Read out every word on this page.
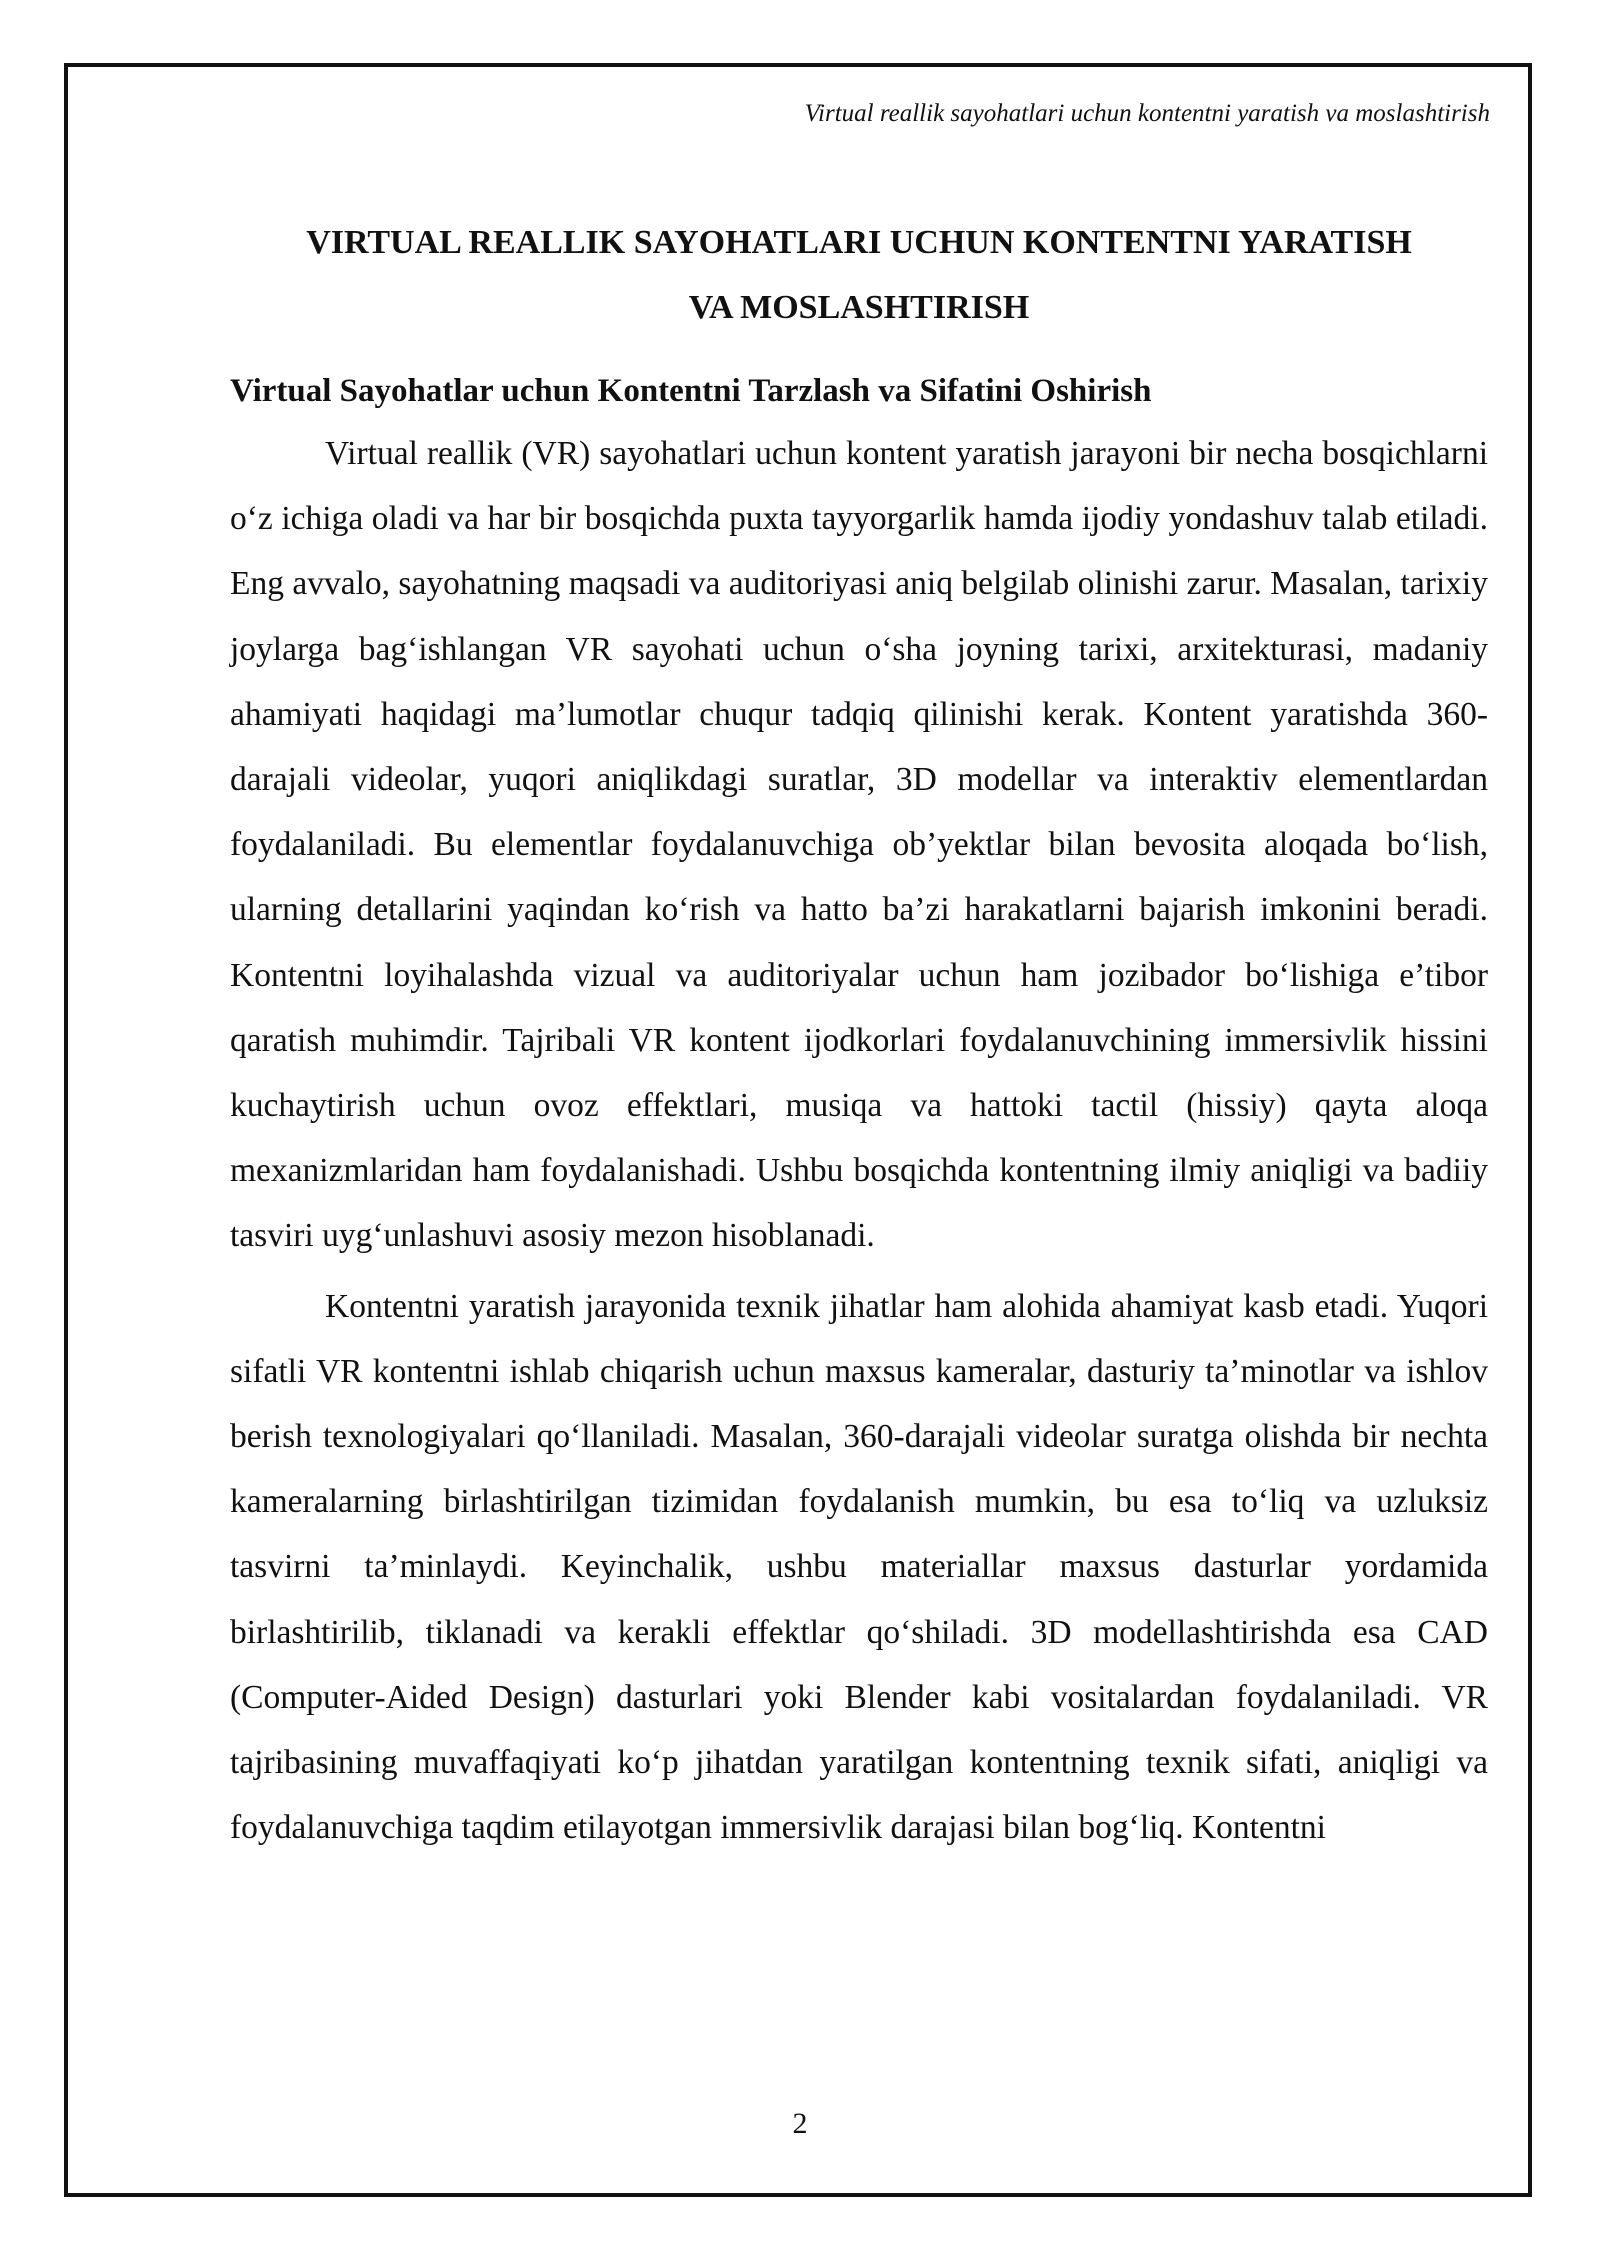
Virtual reallik sayohatlari uchun kontentni yaratish va moslashtirish
VIRTUAL REALLIK SAYOHATLARI UCHUN KONTENTNI YARATISH
VA MOSLASHTIRISH
Virtual Sayohatlar uchun Kontentni Tarzlash va Sifatini Oshirish

Virtual reallik (VR) sayohatlari uchun kontent yaratish jarayoni bir necha bosqichlarni o‘z ichiga oladi va har bir bosqichda puxta tayyorgarlik hamda ijodiy yondashuv talab etiladi. Eng avvalo, sayohatning maqsadi va auditoriyasi aniq belgilab olinishi zarur. Masalan, tarixiy joylarga bag‘ishlangan VR sayohati uchun o‘sha joyning tarixi, arxitekturasi, madaniy ahamiyati haqidagi ma’lumotlar chuqur tadqiq qilinishi kerak. Kontent yaratishda 360-darajali videolar, yuqori aniqlikdagi suratlar, 3D modellar va interaktiv elementlardan foydalaniladi. Bu elementlar foydalanuvchiga ob’yektlar bilan bevosita aloqada bo‘lish, ularning detallarini yaqindan ko‘rish va hatto ba’zi harakatlarni bajarish imkonini beradi. Kontentni loyihalashda vizual va auditoriyalar uchun ham jozibador bo‘lishiga e’tibor qaratish muhimdir. Tajribali VR kontent ijodkorlari foydalanuvchining immersivlik hissini kuchaytirish uchun ovoz effektlari, musiqa va hattoki tactil (hissiy) qayta aloqa mexanizmlaridan ham foydalanishadi. Ushbu bosqichda kontentning ilmiy aniqligi va badiiy tasviri uyg‘unlashuvi asosiy mezon hisoblanadi.

Kontentni yaratish jarayonida texnik jihatlar ham alohida ahamiyat kasb etadi. Yuqori sifatli VR kontentni ishlab chiqarish uchun maxsus kameralar, dasturiy ta’minotlar va ishlov berish texnologiyalari qo‘llaniladi. Masalan, 360-darajali videolar suratga olishda bir nechta kameralarning birlashtirilgan tizimidan foydalanish mumkin, bu esa to‘liq va uzluksiz tasvirni ta’minlaydi. Keyinchalik, ushbu materiallar maxsus dasturlar yordamida birlashtirilib, tiklanadi va kerakli effektlar qo‘shiladi. 3D modellashtirishda esa CAD (Computer-Aided Design) dasturlari yoki Blender kabi vositalardan foydalaniladi. VR tajribasining muvaffaqiyati ko‘p jihatdan yaratilgan kontentning texnik sifati, aniqligi va foydalanuvchiga taqdim etilayotgan immersivlik darajasi bilan bog‘liq. Kontentni

2
